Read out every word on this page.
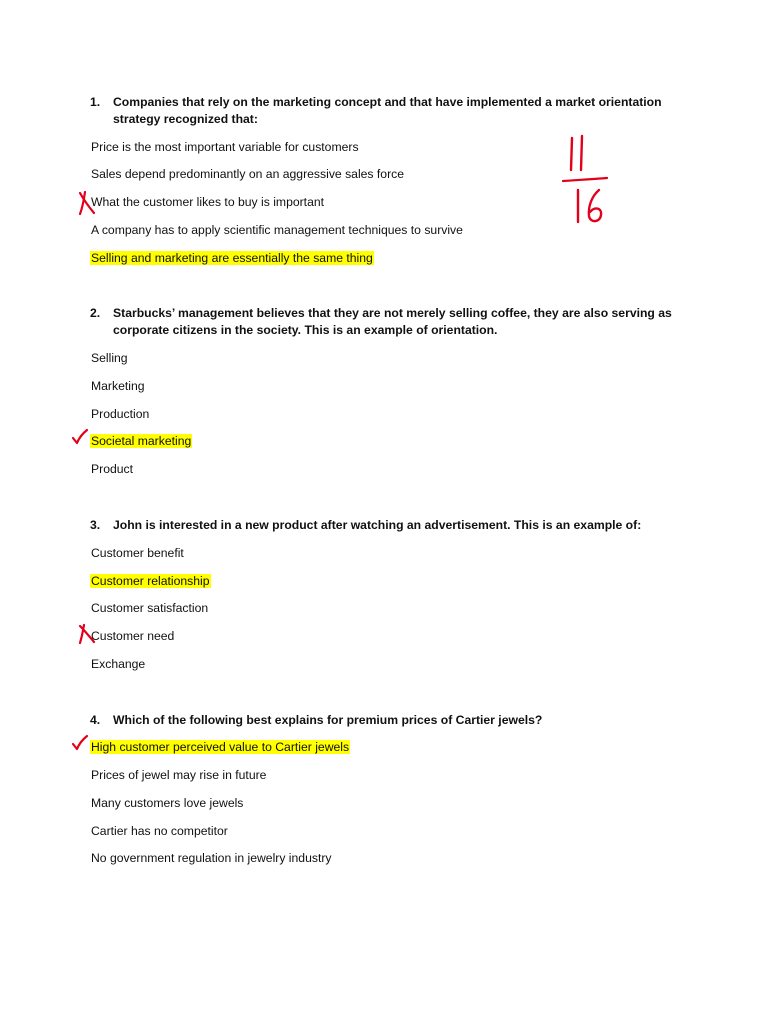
1. Companies that rely on the marketing concept and that have implemented a market orientation strategy recognized that:
Price is the most important variable for customers
Sales depend predominantly on an aggressive sales force
What the customer likes to buy is important
A company has to apply scientific management techniques to survive
Selling and marketing are essentially the same thing
2. Starbucks’ management believes that they are not merely selling coffee, they are also serving as corporate citizens in the society. This is an example of orientation.
Selling
Marketing
Production
Societal marketing
Product
3. John is interested in a new product after watching an advertisement. This is an example of:
Customer benefit
Customer relationship
Customer satisfaction
Customer need
Exchange
4. Which of the following best explains for premium prices of Cartier jewels?
High customer perceived value to Cartier jewels
Prices of jewel may rise in future
Many customers love jewels
Cartier has no competitor
No government regulation in jewelry industry
